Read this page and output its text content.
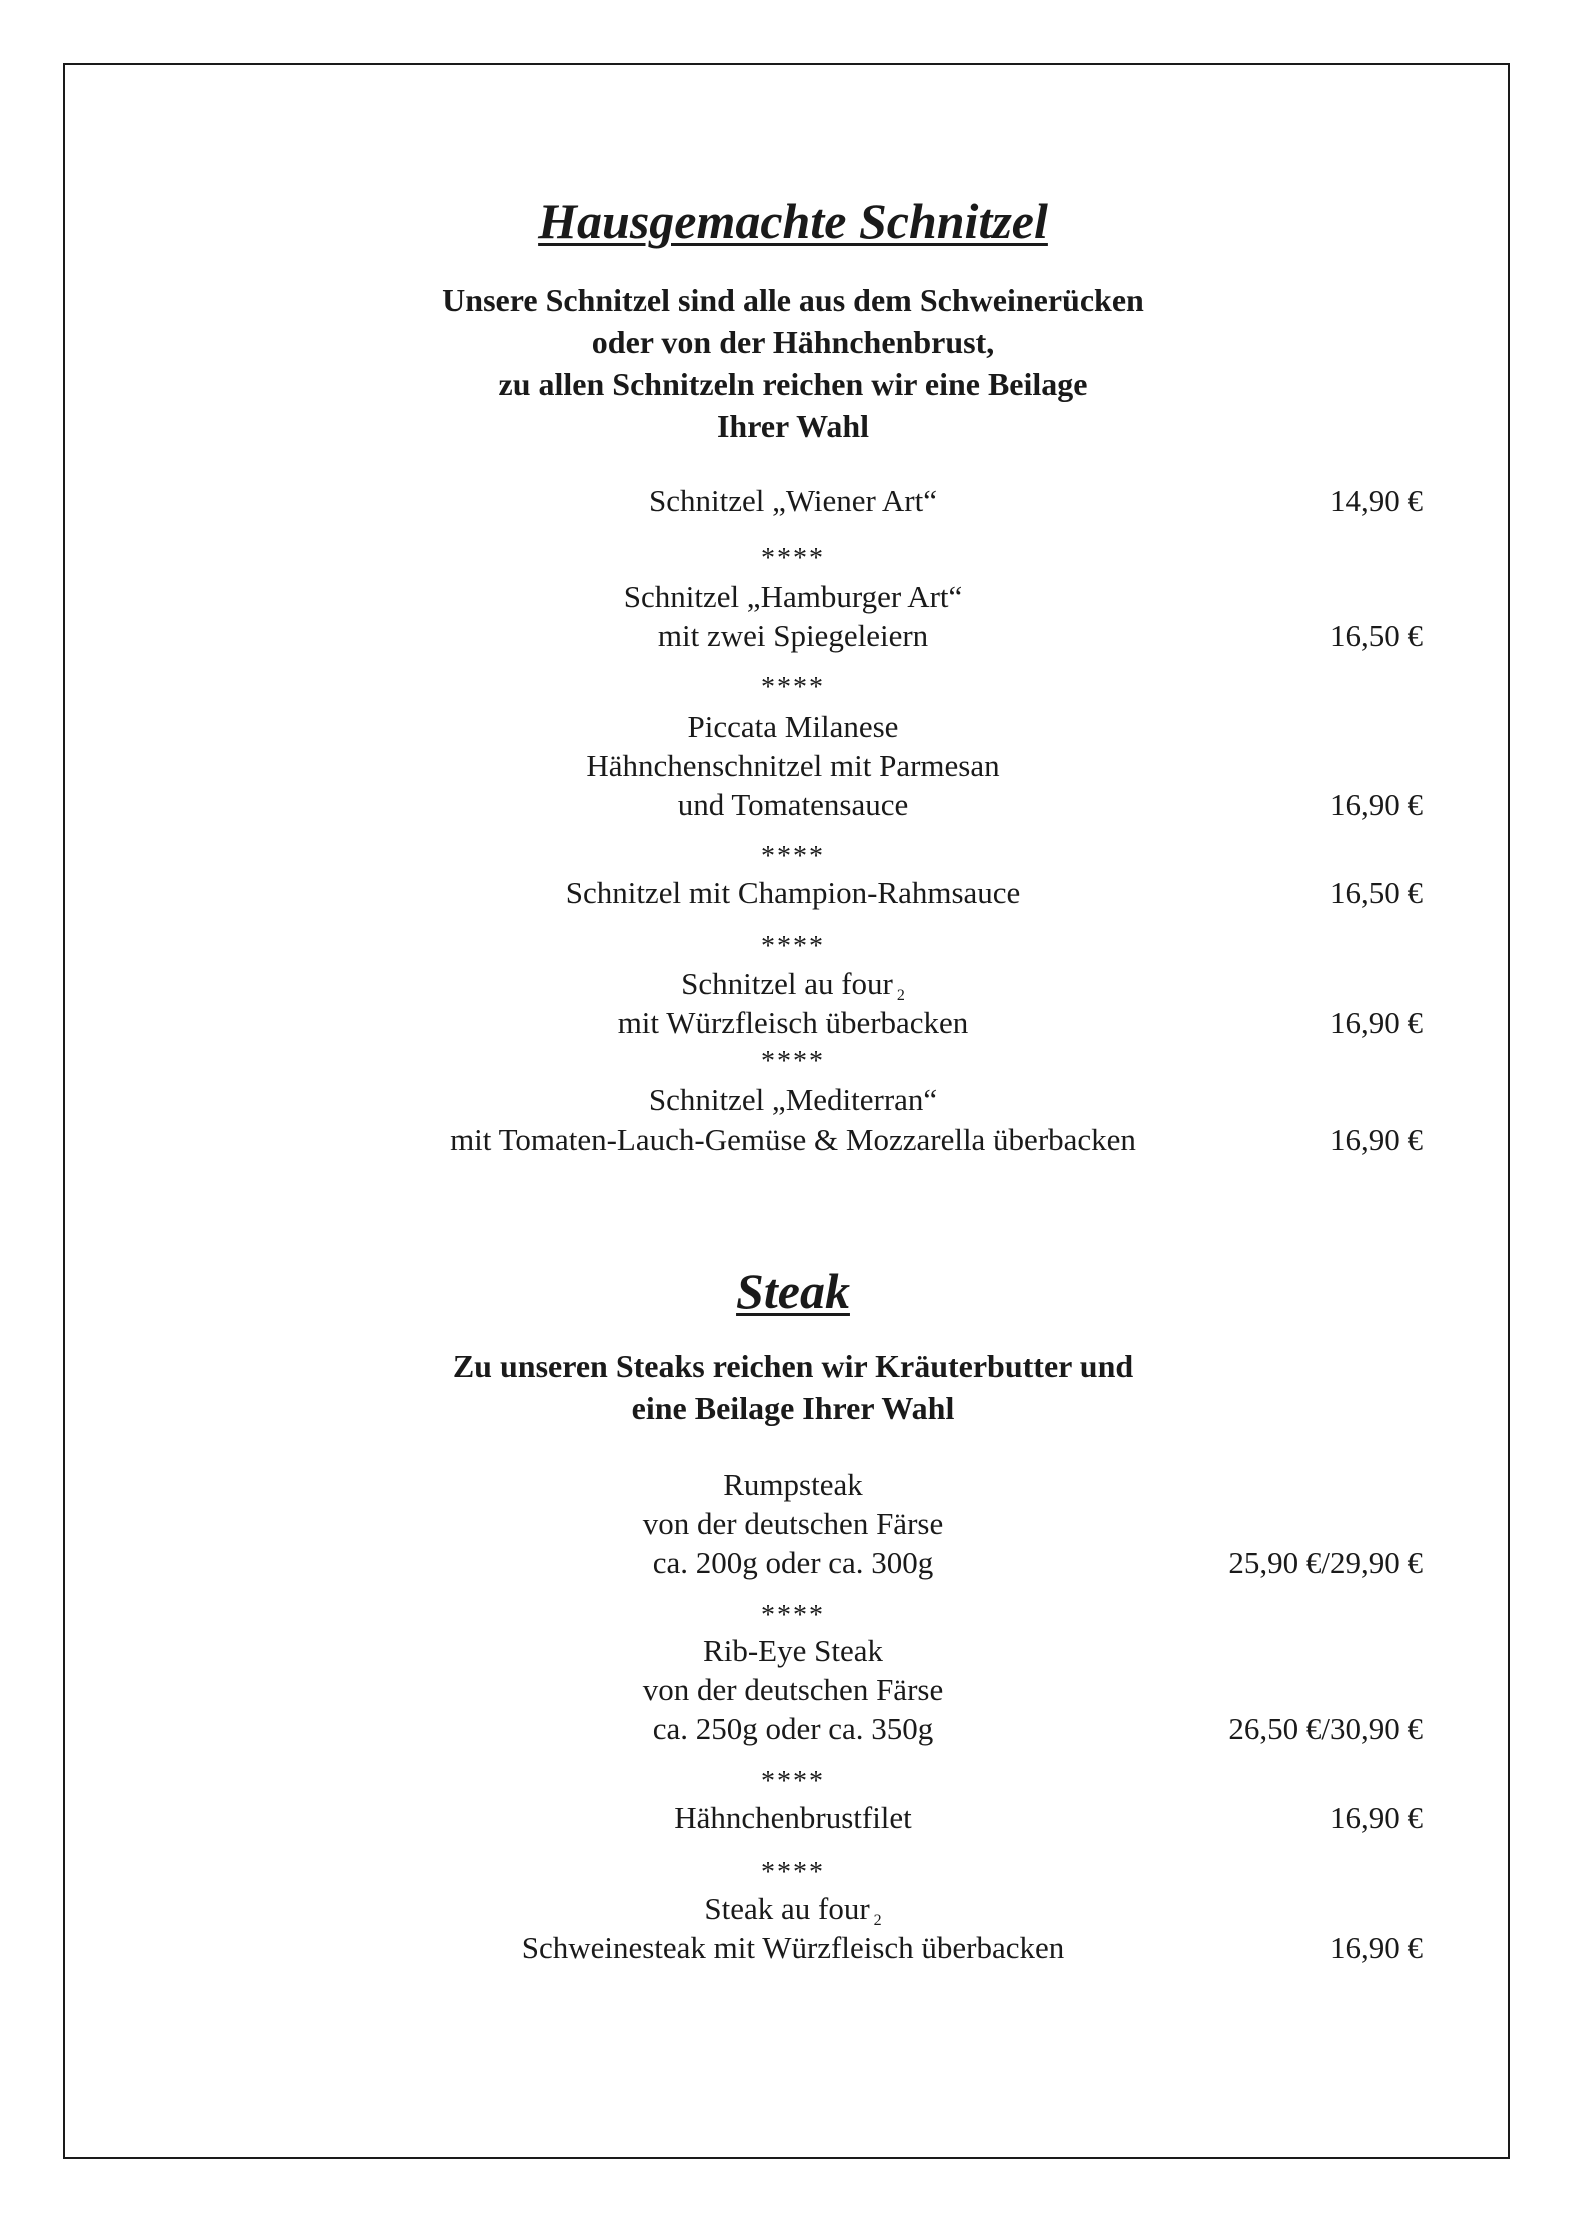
Hausgemachte Schnitzel
Unsere Schnitzel sind alle aus dem Schweinerücken
oder von der Hähnchenbrust,
zu allen Schnitzeln reichen wir eine Beilage
Ihrer Wahl
Schnitzel „Wiener Art“	14,90 €
****
Schnitzel „Hamburger Art“
mit zwei Spiegeleiern	16,50 €
****
Piccata Milanese
Hähnchenschnitzel mit Parmesan
und Tomatensauce	16,90 €
****
Schnitzel mit Champion-Rahmsauce	16,50 €
****
Schnitzel au four 2
mit Würzfleisch überbacken	16,90 €
****
Schnitzel „Mediterran“
mit Tomaten-Lauch-Gemüse & Mozzarella überbacken	16,90 €
Steak
Zu unseren Steaks reichen wir Kräuterbutter und
eine Beilage Ihrer Wahl
Rumpsteak
von der deutschen Färse
ca. 200g oder ca. 300g	25,90 €/29,90 €
****
Rib-Eye Steak
von der deutschen Färse
ca. 250g oder ca. 350g	26,50 €/30,90 €
****
Hähnchenbrustfilet	16,90 €
****
Steak au four 2
Schweinesteak mit Würzfleisch überbacken	16,90 €
